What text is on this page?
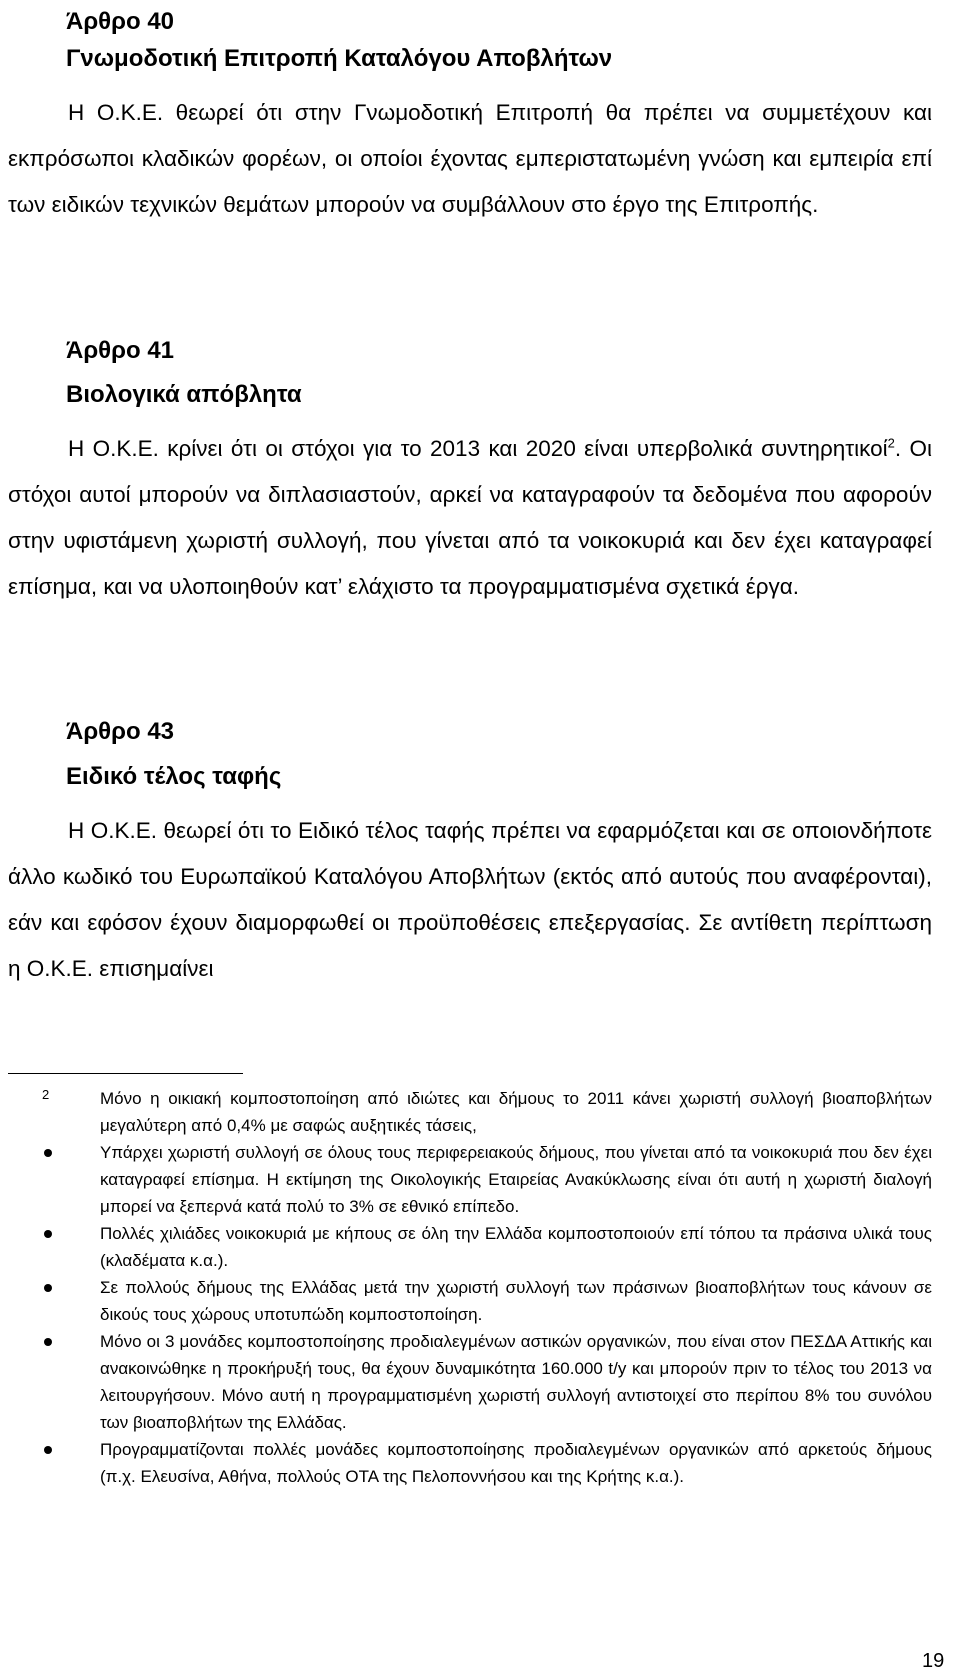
Άρθρο 40
Γνωμοδοτική Επιτροπή Καταλόγου Αποβλήτων
Η Ο.Κ.Ε. θεωρεί ότι στην Γνωμοδοτική Επιτροπή θα πρέπει να συμμετέχουν και εκπρόσωποι κλαδικών φορέων, οι οποίοι έχοντας εμπεριστατωμένη γνώση και εμπειρία επί των ειδικών τεχνικών θεμάτων μπορούν να συμβάλλουν στο έργο της Επιτροπής.
Άρθρο 41
Βιολογικά απόβλητα
Η Ο.Κ.Ε. κρίνει ότι οι στόχοι για το 2013 και 2020 είναι υπερβολικά συντηρητικοί$^2$. Οι στόχοι αυτοί μπορούν να διπλασιαστούν, αρκεί να καταγραφούν τα δεδομένα που αφορούν στην υφιστάμενη χωριστή συλλογή, που γίνεται από τα νοικοκυριά και δεν έχει καταγραφεί επίσημα, και να υλοποιηθούν κατ’ ελάχιστο τα προγραμματισμένα σχετικά έργα.
Άρθρο 43
Ειδικό τέλος ταφής
Η Ο.Κ.Ε. θεωρεί ότι το Ειδικό τέλος ταφής πρέπει να εφαρμόζεται και σε οποιονδήποτε άλλο κωδικό του Ευρωπαϊκού Καταλόγου Αποβλήτων (εκτός από αυτούς που αναφέρονται), εάν και εφόσον έχουν διαμορφωθεί οι προϋποθέσεις επεξεργασίας. Σε αντίθετη περίπτωση η Ο.Κ.Ε. επισημαίνει
2	Μόνο η οικιακή κομποστοποίηση από ιδιώτες και δήμους το 2011 κάνει χωριστή συλλογή βιοαποβλήτων μεγαλύτερη από 0,4% με σαφώς αυξητικές τάσεις,
Υπάρχει χωριστή συλλογή σε όλους τους περιφερειακούς δήμους, που γίνεται από τα νοικοκυριά που δεν έχει καταγραφεί επίσημα. Η εκτίμηση της Οικολογικής Εταιρείας Ανακύκλωσης είναι ότι αυτή η χωριστή διαλογή μπορεί να ξεπερνά κατά πολύ το 3% σε εθνικό επίπεδο.
Πολλές χιλιάδες νοικοκυριά με κήπους σε όλη την Ελλάδα κομποστοποιούν επί τόπου τα πράσινα υλικά τους (κλαδέματα κ.α.).
Σε πολλούς δήμους της Ελλάδας μετά την χωριστή συλλογή των πράσινων βιοαποβλήτων τους κάνουν σε δικούς τους χώρους υποτυπώδη κομποστοποίηση.
Μόνο οι 3 μονάδες κομποστοποίησης προδιαλεγμένων αστικών οργανικών, που είναι στον ΠΕΣΔΑ Αττικής και ανακοινώθηκε η προκήρυξή τους, θα έχουν δυναμικότητα 160.000 t/y και μπορούν πριν το τέλος του 2013 να λειτουργήσουν. Μόνο αυτή η προγραμματισμένη χωριστή συλλογή αντιστοιχεί στο περίπου 8% του συνόλου των βιοαποβλήτων της Ελλάδας.
Προγραμματίζονται πολλές μονάδες κομποστοποίησης προδιαλεγμένων οργανικών από αρκετούς δήμους (π.χ. Ελευσίνα, Αθήνα, πολλούς ΟΤΑ της Πελοποννήσου και της Κρήτης κ.α.).
19
